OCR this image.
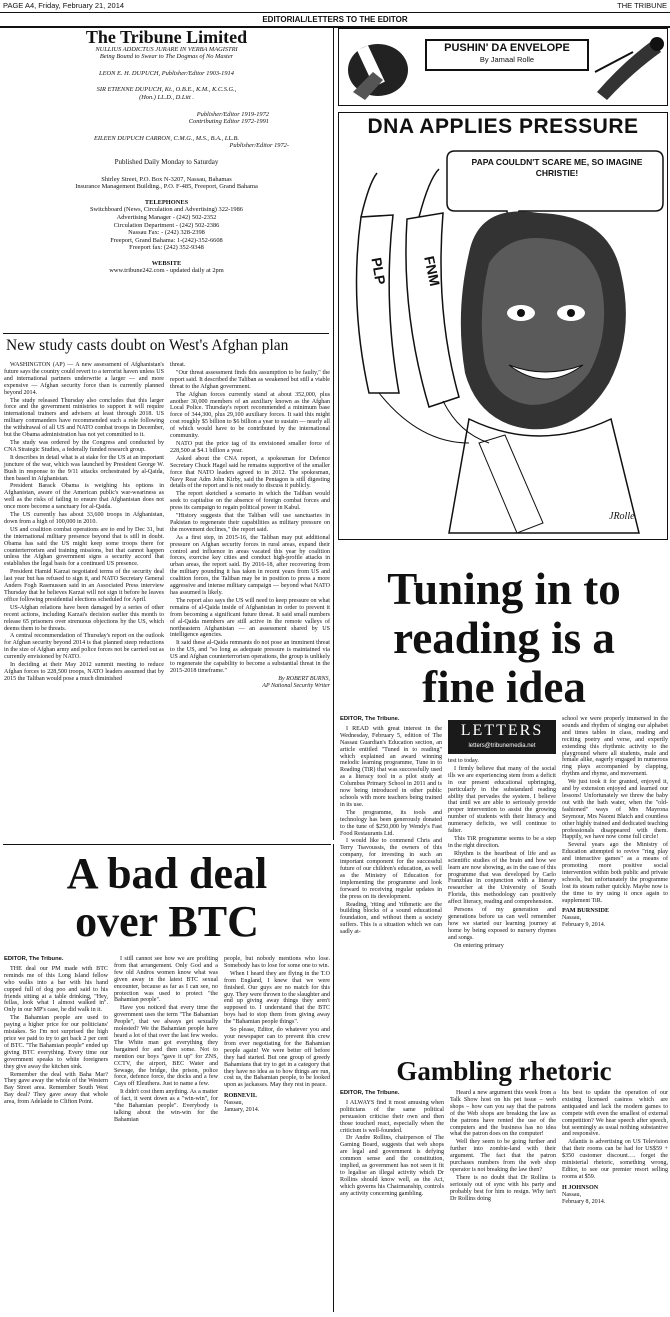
PAGE A4, Friday, February 21, 2014	THE TRIBUNE
EDITORIAL/LETTERS TO THE EDITOR
The Tribune Limited

NULLIUS ADDICTUS JURARE IN VERBA MAGISTRI

Being Bound to Swear to The Dogmas of No Master

LEON E. H. DUPUCH, Publisher/Editor 1903-1914

SIR ETIENNE DUPUCH, Kt., O.B.E., K.M., K.C.S.G.,

(Hon.) LL.D., D.Litt .

Publisher/Editor 1919-1972

Contributing Editor 1972-1991

EILEEN DUPUCH CARRON, C.M.G., M.S., B.A., LL.B.

Publisher/Editor 1972-

Published Daily Monday to Saturday

Shirley Street, P.O. Box N-3207, Nassau, Bahamas

Insurance Management Building., P.O. F-485, Freeport, Grand Bahama

TELEPHONES

Switchboard (News, Circulation and Advertising) 322-1986

Advertising Manager - (242) 502-2352

Circulation Department - (242) 502-2386

Nassau Fax: - (242) 328-2398

Freeport, Grand Bahama: 1-(242)-352-6608

Freeport fax: (242) 352-9348

WEBSITE

www.tribune242.com - updated daily at 2pm

New study casts doubt on West's Afghan plan

WASHINGTON (AP) — A new assessment of Afghanistan's future says the country could revert to a terrorist haven unless US and international partners underwrite a larger — and more expensive — Afghan security force than is currently planned beyond 2014.

The study released Thursday also concludes that this larger force and the government ministries to support it will require international trainers and advisers at least through 2018. US military commanders have recommended such a role following the withdrawal of all US and NATO combat troops in December, but the Obama administration has not yet committed to it.

The study was ordered by the Congress and conducted by CNA Strategic Studies, a federally funded research group.

It describes in detail what is at stake for the US at an important juncture of the war, which was launched by President George W. Bush in response to the 9/11 attacks orchestrated by al-Qaida, then based in Afghanistan.

President Barack Obama is weighing his options in Afghanistan, aware of the American public's war-weariness as well as the risks of failing to ensure that Afghanistan does not once more become a sanctuary for al-Qaida.

The US currently has about 33,600 troops in Afghanistan, down from a high of 100,000 in 2010.

US and coalition combat operations are to end by Dec 31, but the international military presence beyond that is still in doubt. Obama has said the US might keep some troops there for counterterrorism and training missions, but that cannot happen unless the Afghan government signs a security accord that establishes the legal basis for a continued US presence.

President Hamid Karzai negotiated terms of the security deal last year but has refused to sign it, and NATO Secretary General Anders Fogh Rasmussen said in an Associated Press interview Thursday that he believes Karzai will not sign it before he leaves office following presidential elections scheduled for April.

US-Afghan relations have been damaged by a series of other recent actions, including Karzai's decision earlier this month to release 65 prisoners over strenuous objections by the US, which deems them to be threats.

A central recommendation of Thursday's report on the outlook for Afghan security beyond 2014 is that planned steep reductions in the size of Afghan army and police forces not be carried out as currently envisioned by NATO.

In deciding at their May 2012 summit meeting to reduce Afghan forces to 228,500 troops, NATO leaders assumed that by 2015 the Taliban would pose a much diminished

threat.

"Our threat assessment finds this assumption to be faulty," the report said. It described the Taliban as weakened but still a viable threat to the Afghan government.

The Afghan forces currently stand at about 352,000, plus another 30,000 members of an auxiliary known as the Afghan Local Police. Thursday's report recommended a minimum base force of 344,300, plus 29,100 auxiliary forces. It said this might cost roughly $5 billion to $6 billion a year to sustain — nearly all of which would have to be contributed by the international community.

NATO put the price tag of its envisioned smaller force of 228,500 at $4.1 billion a year.

Asked about the CNA report, a spokesman for Defence Secretary Chuck Hagel said he remains supportive of the smaller force that NATO leaders agreed to in 2012. The spokesman, Navy Rear Adm John Kirby, said the Pentagon is still digesting details of the report and is not ready to discuss it publicly.

The report sketched a scenario in which the Taliban would seek to capitalise on the absence of foreign combat forces and press its campaign to regain political power in Kabul.

"History suggests that the Taliban will use sanctuaries in Pakistan to regenerate their capabilities as military pressure on the movement declines," the report said.

As a first step, in 2015-16, the Taliban may put additional pressure on Afghan security forces in rural areas, expand their control and influence in areas vacated this year by coalition forces, exercise key cities and conduct high-profile attacks in urban areas, the report said. By 2016-18, after recovering from the military pounding it has taken in recent years from US and coalition forces, the Taliban may be in position to press a more aggressive and intense military campaign — beyond what NATO has assumed is likely.

The report also says the US will need to keep pressure on what remains of al-Qaida inside of Afghanistan in order to prevent it from becoming a significant future threat. It said small numbers of al-Qaida members are still active in the remote valleys of northeastern Afghanistan — an assessment shared by US intelligence agencies.

It said these al-Qaida remnants do not pose an imminent threat to the US, and "so long as adequate pressure is maintained via US and Afghan counterterrorism operations, the group is unlikely to regenerate the capability to become a substantial threat in the 2015-2018 timeframe."

By ROBERT BURNS,
AP National Security Writer
PUSHIN' DA ENVELOPE
By Jamaal Rolle
DNA APPLIES PRESSURE
PAPA COULDN'T SCARE ME, SO IMAGINE CHRISTIE!
PLP FNM
JRolle
Tuning in to
reading is a
fine idea
EDITOR, The Tribune.

I READ with great interest in the Wednesday, February 5, edition of The Nassau Guardian's Education section, an article entitled "Tuned in to reading" which explained an award winning melodic learning programme, Tune in to Reading (TiR) that was successfully used as a literacy tool in a pilot study at Columbus Primary School in 2011 and is now being introduced in other public schools with more teachers being trained in its use.

The programme, its tools and technology has been generously donated to the tune of $250,000 by Wendy's Fast Food Restaurants Ltd.

I would like to commend Chris and Terry Tsavoussis, the owners of this company, for investing in such an important component for the successful future of our children's education, as well as the Ministry of Education for implementing the programme and look forward to receiving regular updates in the press on its development.

Reading, 'riting and 'rithmetic are the building blocks of a sound educational foundation, and without them a society suffers. This is a situation which we can sadly at-

LETTERS
letters@tribunemedia.net

test to today.

I firmly believe that many of the social ills we are experiencing stem from a deficit in our present educational upbringing, particularly in the substandard reading ability that pervades the system. I believe that until we are able to seriously provide proper intervention to assist the growing number of students with their literacy and numeracy deficits, we will continue to falter.

This TiR programme seems to be a step in the right direction.

Rhythm is the heartbeat of life and as scientific studies of the brain and how we learn are now showing, as in the case of this programme that was developed by Carlo Franzblau in conjunction with a literary researcher at the University of South Florida, this methodology can positively affect literacy, reading and comprehension.

Persons of my generation and generations before us can well remember how we started our learning journey at home by being exposed to nursery rhymes and songs.

On entering primary

school we were properly immersed in the sounds and rhythm of singing our alphabet and times tables in class, reading and reciting poetry and verse, and expertly extending this rhythmic activity to the playground where all students, male and female alike, eagerly engaged in numerous ring plays accompanied by clapping, rhythm and rhyme, and movement.

We just took it for granted, enjoyed it, and by extension enjoyed and learned our lessons! Unfortunately we threw the baby out with the bath water, when the "old-fashioned" ways of Mrs Mayrona Seymour, Mrs Naomi Blatch and countless other highly trained and dedicated teaching professionals disappeared with them. Happily, we have now come full circle!

Several years ago the Ministry of Education attempted to revive "ring play and interactive games" as a means of promoting more positive social intervention within both public and private schools, but unfortunately the programme lost its steam rather quickly. Maybe now is the time to try using it once again to supplement TiR.

PAM BURNSIDE
Nassau,
February 9, 2014.
A bad deal
over BTC
EDITOR, The Tribune.

THE deal our PM made with BTC reminds me of this Long Island fellow who walks into a bar with his hand cupped full of dog poo and said to his friends sitting at a table drinking, "Hey, fellas, look what I almost walked in". Only in our MP's case, he did walk in it.

The Bahamian people are used to paying a higher price for our politicians' mistakes. So I'm not surprised the high price we paid to try to get back 2 per cent of BTC. "The Bahamian people" ended up giving BTC everything. Every time our government speaks to white foreigners they give away the kitchen sink.

Remember the deal with Baha Mar? They gave away the whole of the Western Bay Street area. Remember South West Bay deal? They gave away that whole area, from Adelaide to Clifton Point.

I still cannot see how we are profiting from that arrangement. Only God and a few old Andros women know what was given away in the latest BTC sexual encounter, because as far as I can see, no protection was used to protect "the Bahamian people".

Have you noticed that every time the government uses the term "The Bahamian People", that we always get sexually molested? We the Bahamian people have heard a lot of that over the last few weeks. The White man got everything they bargained for and then some. Not to mention our boys "gave it up" for ZNS, CCTV, the airport, BEC Water and Sewage, the bridge, the prison, police force, defence force, the docks and a few Cays off Eleuthera. Just to name a few.

It didn't cost them anything. As a matter of fact, it went down as a "win-win", for "the Bahamian people". Everybody is talking about the win-win for the Bahamian

people, but nobody mentions who lose. Somebody has to lose for some one to win.

When I heard they are flying in the T.O from England, I knew that we were finished. Our guys are no match for this guy. They were thrown to the slaughter and end up giving away things they aren't supposed to. I understand that the BTC boys had to stop them from giving away the "Bahamian people things".

So please, Editor, do whatever you and your newspaper can to prevent this crew from ever negotiating for the Bahamian people again! We were better off before they had started. But one group of greedy Bahamians that try to get in a category that they have no idea as to how things are run, cost us, the Bahamian people, to be looked upon as jackasses. May they rest in peace.

ROBNEVIL
Nassau,
January, 2014.
Gambling rhetoric
EDITOR, The Tribune.

I ALWAYS find it most amusing when politicians of the same political persuasion criticise their own and then those touched react, especially when the criticism is well-founded.

Dr Andre Rollins, chairperson of The Gaming Board, suggests that web shops are legal and government is defying common sense and the constitution, implied, as government has not seen it fit to legalise an illegal activity which Dr Rollins should know well, as the Act, which governs his Chairmanship, controls any activity concerning gambling.

Heard a new argument this week from a Talk Show host on his pet issue – web shops – how can you say that the patrons of the Web shops are breaking the law as the patrons have rented the use of the computers and the business has no idea what the patron does on the computer!

Well they seem to be going further and further into zombie-land with their argument. The fact that the patron purchases numbers from the web shop operator is not breaking the law then?

There is no doubt that Dr Rollins is seriously out of sync with his party and probably best for him to resign. Why isn't Dr Rollins doing

his best to update the operation of our existing licensed casinos which are antiquated and lack the modern games to compete with even the smallest of external competition? We hear speech after speech, but seemingly as usual nothing substantive and responsive.

Atlantis is advertising on US Television that their rooms can be had for US$59 + $350 customer discount…. forget the ministerial rhetoric, something wrong, Editor, to see our premier resort selling rooms at $59.

H JOHNSON
Nassau,
February 8, 2014.
